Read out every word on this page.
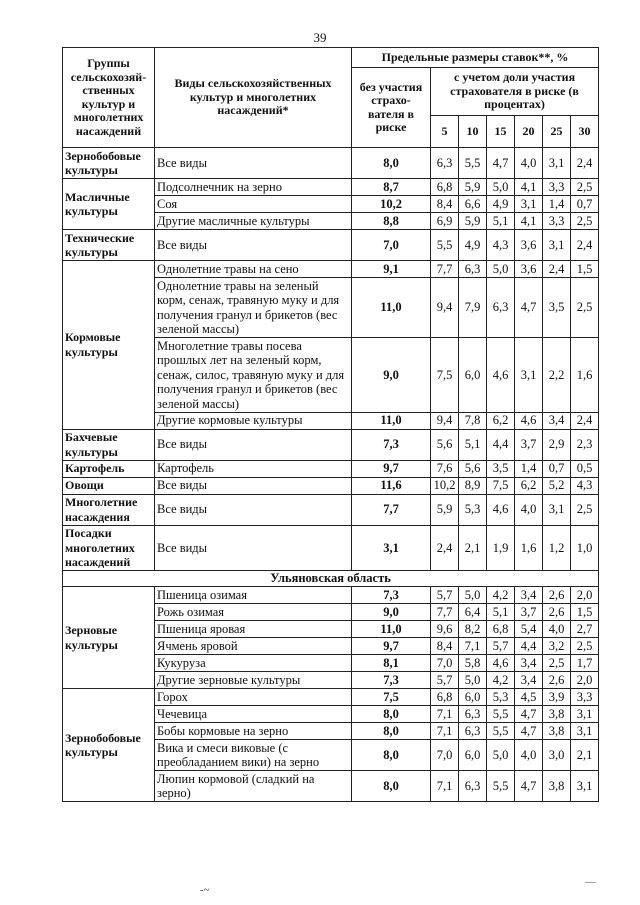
39
Группы сельскохозяй-ственных культур и многолетних насаждений	Виды сельскохозяйственных культур и многолетних насаждений*	Предельные размеры ставок**, %						
		без участия страхо-вателя в риске	с учетом доли участия страхователя в риске (в процентах)					
			5	10	15	20	25	30
Зернобобовые культуры	Все виды	8,0	6,3	5,5	4,7	4,0	3,1	2,4
Масличные культуры	Подсолнечник на зерно	8,7	6,8	5,9	5,0	4,1	3,3	2,5
	Соя	10,2	8,4	6,6	4,9	3,1	1,4	0,7
	Другие масличные культуры	8,8	6,9	5,9	5,1	4,1	3,3	2,5
Технические культуры	Все виды	7,0	5,5	4,9	4,3	3,6	3,1	2,4
Кормовые культуры	Однолетние травы на сено	9,1	7,7	6,3	5,0	3,6	2,4	1,5
	Однолетние травы на зеленый корм, сенаж, травяную муку и для получения гранул и брикетов (вес зеленой массы)	11,0	9,4	7,9	6,3	4,7	3,5	2,5
	Многолетние травы посева прошлых лет на зеленый корм, сенаж, силос, травяную муку и для получения гранул и брикетов (вес зеленой массы)	9,0	7,5	6,0	4,6	3,1	2,2	1,6
	Другие кормовые культуры	11,0	9,4	7,8	6,2	4,6	3,4	2,4
Бахчевые культуры	Все виды	7,3	5,6	5,1	4,4	3,7	2,9	2,3
Картофель	Картофель	9,7	7,6	5,6	3,5	1,4	0,7	0,5
Овощи	Все виды	11,6	10,2	8,9	7,5	6,2	5,2	4,3
Многолетние насаждения	Все виды	7,7	5,9	5,3	4,6	4,0	3,1	2,5
Посадки многолетних насаждений	Все виды	3,1	2,4	2,1	1,9	1,6	1,2	1,0
Ульяновская область								
Зерновые культуры	Пшеница озимая	7,3	5,7	5,0	4,2	3,4	2,6	2,0
	Рожь озимая	9,0	7,7	6,4	5,1	3,7	2,6	1,5
	Пшеница яровая	11,0	9,6	8,2	6,8	5,4	4,0	2,7
	Ячмень яровой	9,7	8,4	7,1	5,7	4,4	3,2	2,5
	Кукуруза	8,1	7,0	5,8	4,6	3,4	2,5	1,7
	Другие зерновые культуры	7,3	5,7	5,0	4,2	3,4	2,6	2,0
Зернобобовые культуры	Горох	7,5	6,8	6,0	5,3	4,5	3,9	3,3
	Чечевица	8,0	7,1	6,3	5,5	4,7	3,8	3,1
	Бобы кормовые на зерно	8,0	7,1	6,3	5,5	4,7	3,8	3,1
	Вика и смеси виковые (с преобладанием вики) на зерно	8,0	7,0	6,0	5,0	4,0	3,0	2,1
	Люпин кормовой (сладкий на зерно)	8,0	7,1	6,3	5,5	4,7	3,8	3,1
-~
—
